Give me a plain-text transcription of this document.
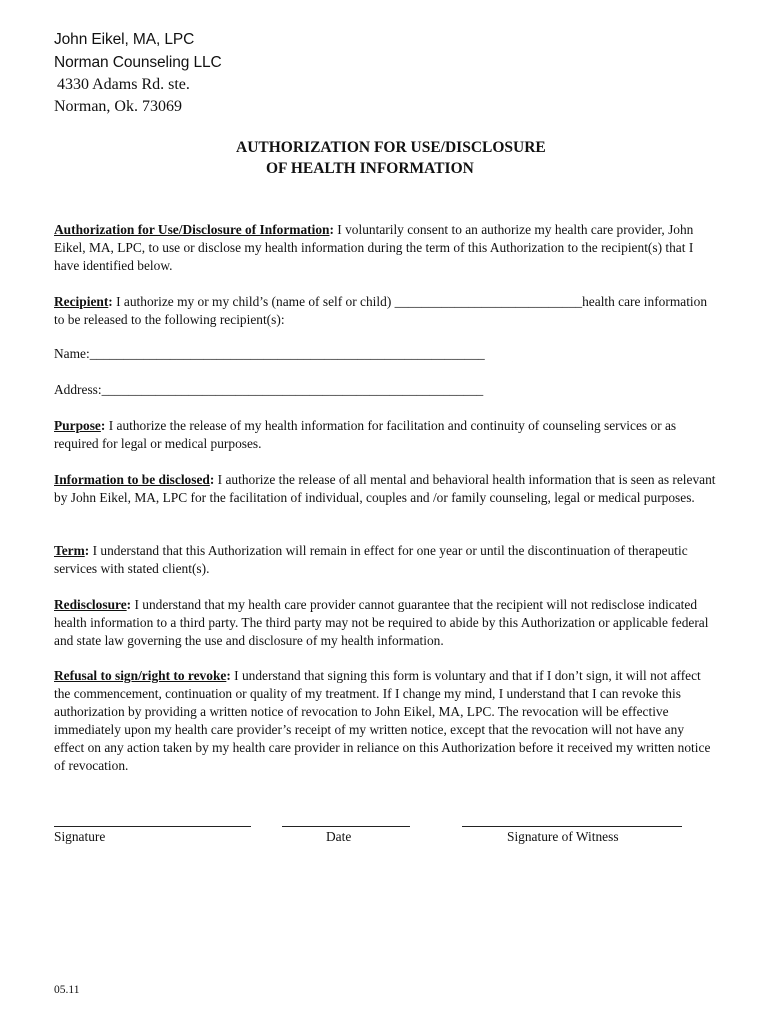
John Eikel, MA, LPC
Norman Counseling LLC
4330 Adams Rd. ste.
Norman, Ok. 73069
AUTHORIZATION FOR USE/DISCLOSURE
OF HEALTH INFORMATION
Authorization for Use/Disclosure of Information: I voluntarily consent to an authorize my health care provider, John Eikel, MA, LPC, to use or disclose my health information during the term of this Authorization to the recipient(s) that I have identified below.
Recipient: I authorize my or my child’s (name of self or child) ____________________________health care information to be released to the following recipient(s):
Name:___________________________________________________________
Address:_________________________________________________________
Purpose: I authorize the release of my health information for facilitation and continuity of counseling services or as required for legal or medical purposes.
Information to be disclosed: I authorize the release of all mental and behavioral health information that is seen as relevant by John Eikel, MA, LPC for the facilitation of individual, couples and /or family counseling, legal or medical purposes.
Term: I understand that this Authorization will remain in effect for one year or until the discontinuation of therapeutic services with stated client(s).
Redisclosure: I understand that my health care provider cannot guarantee that the recipient will not redisclose indicated health information to a third party. The third party may not be required to abide by this Authorization or applicable federal and state law governing the use and disclosure of my health information.
Refusal to sign/right to revoke: I understand that signing this form is voluntary and that if I don’t sign, it will not affect the commencement, continuation or quality of my treatment. If I change my mind, I understand that I can revoke this authorization by providing a written notice of revocation to John Eikel, MA, LPC. The revocation will be effective immediately upon my health care provider’s receipt of my written notice, except that the revocation will not have any effect on any action taken by my health care provider in reliance on this Authorization before it received my written notice of revocation.
Signature	Date	Signature of Witness
05.11
